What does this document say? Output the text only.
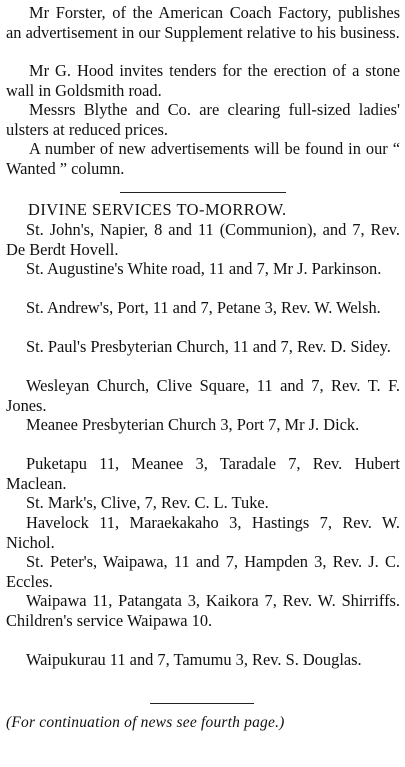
Mr Forster, of the American Coach Factory, publishes an advertisement in our Supplement relative to his business.
Mr G. Hood invites tenders for the erection of a stone wall in Goldsmith road.
Messrs Blythe and Co. are clearing full-sized ladies' ulsters at reduced prices.
A number of new advertisements will be found in our “ Wanted ” column.
DIVINE SERVICES TO-MORROW.
St. John's, Napier, 8 and 11 (Communion), and 7, Rev. De Berdt Hovell.
St. Augustine's White road, 11 and 7, Mr J. Parkinson.
St. Andrew's, Port, 11 and 7, Petane 3, Rev. W. Welsh.
St. Paul's Presbyterian Church, 11 and 7, Rev. D. Sidey.
Wesleyan Church, Clive Square, 11 and 7, Rev. T. F. Jones.
Meanee Presbyterian Church 3, Port 7, Mr J. Dick.
Puketapu 11, Meanee 3, Taradale 7, Rev. Hubert Maclean.
St. Mark's, Clive, 7, Rev. C. L. Tuke.
Havelock 11, Maraekakaho 3, Hastings 7, Rev. W. Nichol.
St. Peter's, Waipawa, 11 and 7, Hampden 3, Rev. J. C. Eccles.
Waipawa 11, Patangata 3, Kaikora 7, Rev. W. Shirriffs. Children's service Waipawa 10.
Waipukurau 11 and 7, Tamumu 3, Rev. S. Douglas.
(For continuation of news see fourth page.)
